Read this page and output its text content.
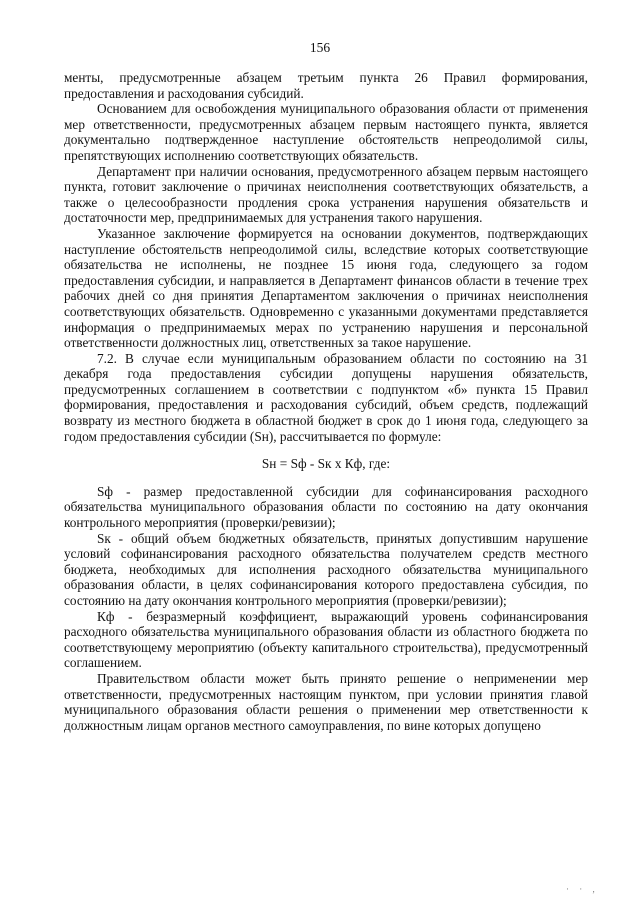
156

менты, предусмотренные абзацем третьим пункта 26 Правил формирования, предоставления и расходования субсидий.

Основанием для освобождения муниципального образования области от применения мер ответственности, предусмотренных абзацем первым настоящего пункта, является документально подтвержденное наступление обстоятельств непреодолимой силы, препятствующих исполнению соответствующих обязательств.

Департамент при наличии основания, предусмотренного абзацем первым настоящего пункта, готовит заключение о причинах неисполнения соответствующих обязательств, а также о целесообразности продления срока устранения нарушения обязательств и достаточности мер, предпринимаемых для устранения такого нарушения.

Указанное заключение формируется на основании документов, подтверждающих наступление обстоятельств непреодолимой силы, вследствие которых соответствующие обязательства не исполнены, не позднее 15 июня года, следующего за годом предоставления субсидии, и направляется в Департамент финансов области в течение трех рабочих дней со дня принятия Департаментом заключения о причинах неисполнения соответствующих обязательств. Одновременно с указанными документами представляется информация о предпринимаемых мерах по устранению нарушения и персональной ответственности должностных лиц, ответственных за такое нарушение.

7.2. В случае если муниципальным образованием области по состоянию на 31 декабря года предоставления субсидии допущены нарушения обязательств, предусмотренных соглашением в соответствии с подпунктом «б» пункта 15 Правил формирования, предоставления и расходования субсидий, объем средств, подлежащий возврату из местного бюджета в областной бюджет в срок до 1 июня года, следующего за годом предоставления субсидии (Sн), рассчитывается по формуле:

Sн = Sф - Sк x Кф, где:

Sф - размер предоставленной субсидии для софинансирования расходного обязательства муниципального образования области по состоянию на дату окончания контрольного мероприятия (проверки/ревизии);

Sк - общий объем бюджетных обязательств, принятых допустившим нарушение условий софинансирования расходного обязательства получателем средств местного бюджета, необходимых для исполнения расходного обязательства муниципального образования области, в целях софинансирования которого предоставлена субсидия, по состоянию на дату окончания контрольного мероприятия (проверки/ревизии);

Кф - безразмерный коэффициент, выражающий уровень софинансирования расходного обязательства муниципального образования области из областного бюджета по соответствующему мероприятию (объекту капитального строительства), предусмотренный соглашением.

Правительством области может быть принято решение о неприменении мер ответственности, предусмотренных настоящим пунктом, при условии принятия главой муниципального образования области решения о применении мер ответственности к должностным лицам органов местного самоуправления, по вине которых допущено

· · ,
